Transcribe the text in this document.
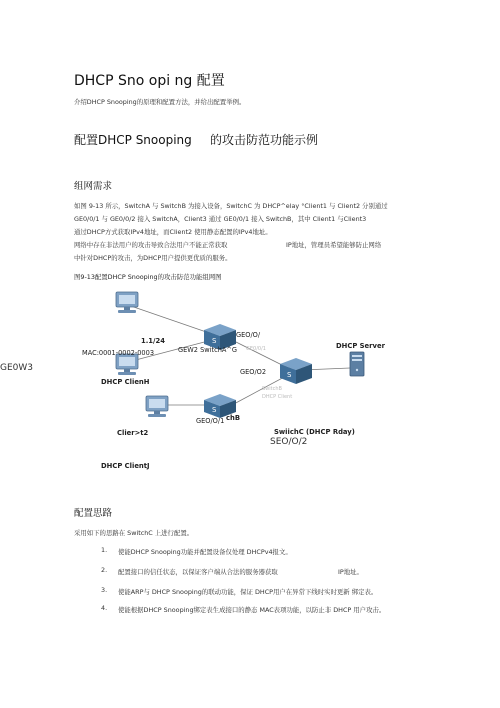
DHCP Sno opi ng 配置
介绍DHCP Snooping的原理和配置方法，并给出配置举例。
配置DHCP Snooping 的攻击防范功能示例
组网需求
如图 9-13 所示，SwitchA 与 SwitchB 为接入设备，SwitchC 为 DHCP^elay °Client1 与 Client2 分别通过
GE0/0/1 与 GE0/0/2 接入 SwitchA，Client3 通过 GE0/0/1 接入 SwitchB，其中 Client1 与Client3
通过DHCP方式获取IPv4地址，而Client2 使用静态配置的IPv4地址。
网络中存在非法用户的攻击导致合法用户不能正常获取	IP地址，管理员希望能够防止网络
中针对DHCP的攻击，为DHCP用户提供更优质的服务。
图9-13配置DHCP Snooping的攻击防范功能组网图
S
S
S
1.1/24
MAC:0001-0002-0003
GEO/O/
GEW2 SwitchA^G GE0/0/1	DHCP Server
GE0W3
DHCP ClienH
GEO/O2
SwitchB
DHCP Client
GEO/O/1 chB
Clier>t2	SwiichC (DHCP Rday)
SEO/O/2
DHCP ClientJ
配置思路
采用如下的思路在 SwitchC 上进行配置。
1. 使能DHCP Snooping功能并配置设备仅处理 DHCPv4报文。
2. 配置接口的信任状态，以保证客户端从合法的服务器获取	IP地址。
3. 使能ARP与 DHCP Snooping的联动功能，保证 DHCP用户在异常下线时实时更新 绑定表。
4. 使能根据DHCP Snooping绑定表生成接口的静态 MAC表项功能，以防止非 DHCP 用户攻击。
